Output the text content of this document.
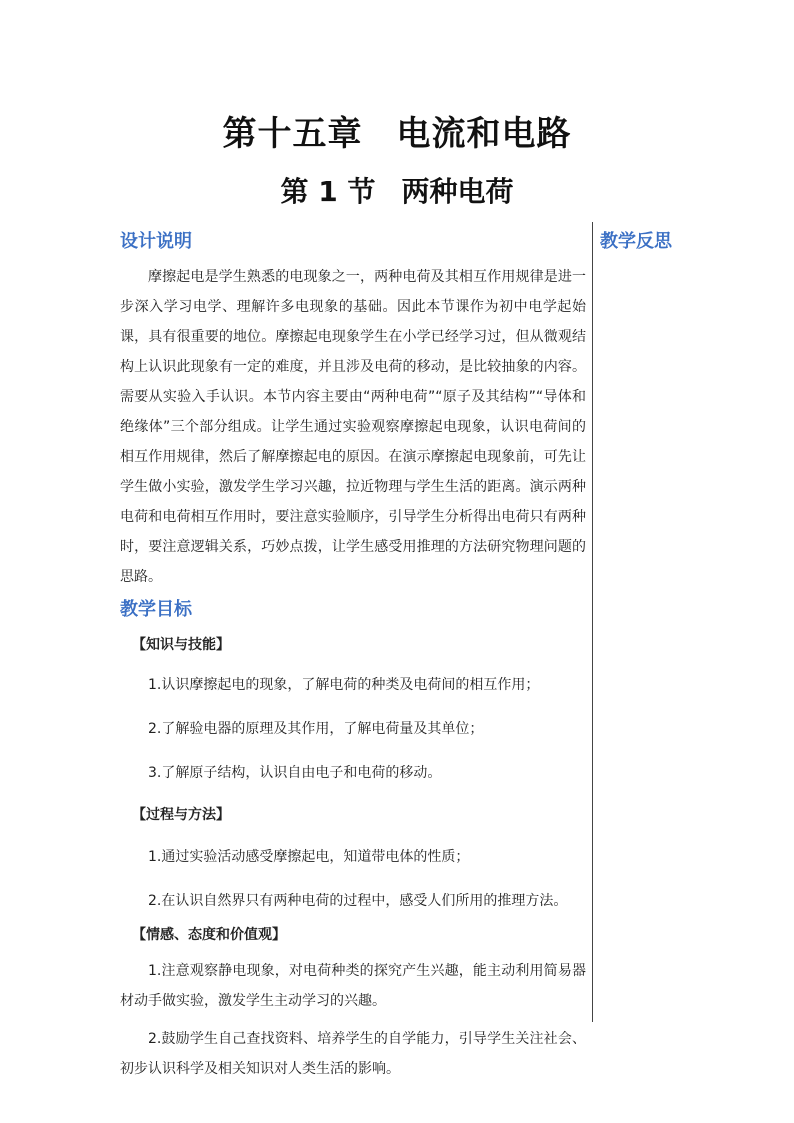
第十五章 电流和电路
第 1 节 两种电荷
设计说明

摩擦起电是学生熟悉的电现象之一，两种电荷及其相互作用规律是进一步深入学习电学、理解许多电现象的基础。因此本节课作为初中电学起始课，具有很重要的地位。摩擦起电现象学生在小学已经学习过，但从微观结构上认识此现象有一定的难度，并且涉及电荷的移动，是比较抽象的内容。需要从实验入手认识。本节内容主要由“两种电荷”“原子及其结构”“导体和绝缘体”三个部分组成。让学生通过实验观察摩擦起电现象，认识电荷间的相互作用规律，然后了解摩擦起电的原因。在演示摩擦起电现象前，可先让学生做小实验，激发学生学习兴趣，拉近物理与学生生活的距离。演示两种电荷和电荷相互作用时，要注意实验顺序，引导学生分析得出电荷只有两种时，要注意逻辑关系，巧妙点拨，让学生感受用推理的方法研究物理问题的思路。

教学目标

【知识与技能】

1.认识摩擦起电的现象，了解电荷的种类及电荷间的相互作用；

2.了解验电器的原理及其作用，了解电荷量及其单位；

3.了解原子结构，认识自由电子和电荷的移动。

【过程与方法】

1.通过实验活动感受摩擦起电，知道带电体的性质；

2.在认识自然界只有两种电荷的过程中，感受人们所用的推理方法。

【情感、态度和价值观】

1.注意观察静电现象，对电荷种类的探究产生兴趣，能主动利用简易器材动手做实验，激发学生主动学习的兴趣。

2.鼓励学生自己查找资料、培养学生的自学能力，引导学生关注社会、初步认识科学及相关知识对人类生活的影响。

教学反思
